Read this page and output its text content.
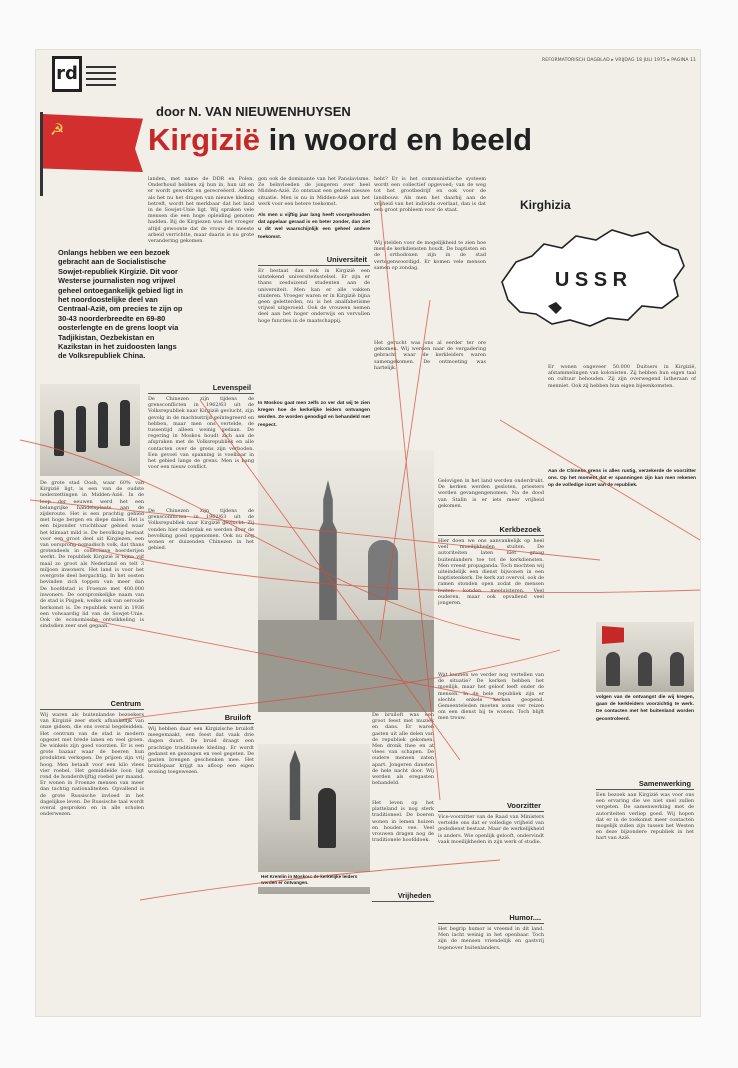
rd
REFORMATORISCH DAGBLAD ▸ VRIJDAG 18 JULI 1975 ▸ PAGINA 11
☭
door N. VAN NIEUWENHUYSEN
Kirgizië in woord en beeld
Onlangs hebben we een bezoek gebracht aan de Socialistische Sowjet-republiek Kirgizië. Dit voor Westerse journalisten nog vrijwel geheel ontoegankelijk gebied ligt in het noordoostelijke deel van Centraal-Azië, om precies te zijn op 30-43 noorderbreedte en 69-80 oosterlengte en de grens loopt via Tadjikistan, Oezbekistan en Kazikstan in het zuidoosten langs de Volksrepubliek China.
De grote stad Oosh, waar 60% van Kirgizië ligt, is een van de oudste nederzettingen in Midden-Azië. In de loop der eeuwen werd het een belangrijke handelsplaats aan de zijderoute. Het is een prachtig gebied met hoge bergen en diepe dalen. Het is een bijzonder vruchtbaar gebied waar het klimaat mild is. De bevolking bestaat voor een groot deel uit Kirgiezen, een van oorsprong nomadisch volk, dat thans grotendeels in collectieve boerderijen werkt. De republiek Kirgizië is bijna vijf maal zo groot als Nederland en telt 3 miljoen inwoners. Het land is voor het overgrote deel bergachtig. In het oosten bevinden zich toppen van meer dan
De hoofdstad is Froenze met 400.000 inwoners. De oorspronkelijke naam van de stad is Pisjpek, welke ook van oeroude herkomst is. De republiek werd in 1936 een volwaardig lid van de Sowjet-Unie. Ook de economische ontwikkeling is sindsdien zeer snel gegaan.
Centrum
Wij waren als buitenlandse bezoekers van Kirgizië zeer sterk afhankelijk van onze gidsen, die ons overal begeleidden. Het centrum van de stad is modern opgezet met brede lanen en veel groen. De winkels zijn goed voorzien. Er is een grote bazaar waar de boeren hun produkten verkopen. De prijzen zijn vrij hoog. Men betaalt voor een kilo vlees vier roebel. Het gemiddelde loon ligt rond de honderdvijftig roebel per maand. Er wonen in Froenze mensen van meer dan tachtig nationaliteiten. Opvallend is de grote Russische invloed in het dagelijkse leven. De Russische taal wordt overal gesproken en in alle scholen onderwezen.
landen, met name de DDR en Polen. Onderhoud hebben zij hun in, hun uit en er wordt gewerkt en gerecreëerd. Alleen als het nu het dragen van nieuwe kleding betreft, wordt het merkbaar dat het land in de Sowjet-Unie ligt. Wij spraken vele mensen die een hoge opleiding genoten hadden. Bij de Kirgiezen was het vroeger altijd gewoonte dat de vrouw de meeste arbeid verrichtte, maar daarin is nu grote verandering gekomen.
Levenspeil
De Chinezen zijn tijdens de grensconflicten in 1962/63 uit de Volksrepubliek naar Kirgizië gevlucht, zijn gevolg in de machtsstrijd geïntegreerd en hebben, maar men ons vertelde, de tussentijd alleen weinig gedaan. De regering in Moskou houdt zich aan de afspraken met de Volksrepubliek en alle contacten over de grens zijn verboden. Een gevoel van spanning is voelbaar in het gebied langs de grens. Men is bang voor een nieuw conflict.
De Chinezen zijn tijdens de grensconflicten in 1962/63 uit de Volksrepubliek naar Kirgizië gevlucht. Zij vonden hier onderdak en werden door de bevolking goed opgenomen. Ook nu nog wonen er duizenden Chinezen in het gebied.
Bruiloft
Wij hebben daar een Kirgizische bruiloft meegemaakt, een feest dat vaak drie dagen duurt. De bruid draagt een prachtige traditionele kleding. Er wordt gedanst en gezongen en veel gegeten. De gasten brengen geschenken mee. Het bruidspaar krijgt na afloop een eigen woning toegewezen.
gen ook de dominante van het Panslavisme. Ze beïnvloeden de jongeren over heel Midden-Azië. Zo ontstaat een geheel nieuwe situatie. Men is nu in Midden-Azië aan het werk voor een betere toekomst.
Als men u vijftig jaar lang heeft voorgehouden dat appelaar geraad is en beter zonder, dan ziet u dit wel waarschijnlijk een geheel andere toekomst.
Universiteit
Er bestaat dan ook in Kirgizië een uitstekend universiteitsstelsel. Er zijn er thans zesduizend studenten aan de universiteit. Men kan er alle vakken studeren. Vroeger waren er in Kirgizië bijna geen geletterden, nu is het analfabetisme vrijwel uitgeroeid. Ook de vrouwen nemen deel aan het hoger onderwijs en vervullen hoge functies in de maatschappij.
In Moskou gaat men zelfs zo ver dat wij te zien kregen hoe de kerkelijke leiders ontvangen worden. Ze worden genodigd en behandeld met respect.
Het Kremlin in Moskou: de kerkelijke leiders werden er ontvangen.
De bruiloft was een groot feest met muziek en dans. Er waren gasten uit alle delen van de republiek gekomen. Men dronk thee en at vlees van schapen. De oudere mensen zaten apart. Jongeren dansten de hele nacht door. Wij werden als eregasten behandeld.
Het leven op het platteland is nog sterk traditioneel. De boeren wonen in lemen huizen en houden vee. Veel vrouwen dragen nog de traditionele hoofddoek.
Vrijheden
hebt? Er is het communistische systeem wordt een collectief opgevoed; van de weg tot het grootbedrijf en ook voor de landbouw. Als men het daarbij aan de vrijheid van het individu overlaat, dan is dat een groot probleem voor de staat.
Wij stelden voor de mogelijkheid te zien hoe men de kerkdiensten houdt. De baptisten en de orthodoxen zijn in de stad vertegenwoordigd. Er komen vele mensen samen op zondag.
Het gerucht was ons al eerder ter ore gekomen. Wij werden naar de vergadering gebracht waar de kerkleiders waren samengekomen. De ontmoeting was hartelijk.
Gelovigen in het land werden onderdrukt. De kerken werden gesloten, priesters werden gevangengenomen. Na de dood van Stalin is er iets meer vrijheid gekomen.
Kerkbezoek
Hier doen we ons aanvankelijk op heel veel moeilijkheden stuiten. De autoriteiten laten niet graag buitenlanders toe tot de kerkdiensten. Men vreest propaganda. Toch mochten wij uiteindelijk een dienst bijwonen in een baptistenkerk. De kerk zat overvol, ook de ramen stonden open zodat de mensen buiten konden meeluisteren. Veel ouderen, maar ook opvallend veel jongeren.
Wat kunnen we verder nog vertellen van de situatie? De kerken hebben het moeilijk, maar het geloof leeft onder de mensen. In de hele republiek zijn er slechts enkele kerken geopend. Gemeenteleden moeten soms ver reizen om een dienst bij te wonen. Toch blijft men trouw.
Voorzitter
Vice-voorzitter van de Raad van Ministers vertelde ons dat er volledige vrijheid van godsdienst bestaat. Maar de werkelijkheid is anders. Wie openlijk gelooft, ondervindt vaak moeilijkheden in zijn werk of studie.
Humor....
Het begrip humor is vreemd in dit land. Men lacht weinig in het openbaar. Toch zijn de mensen vriendelijk en gastvrij tegenover buitenlanders.
Kirghizia
U S S R
Er wonen ongeveer 50.000 Duitsers in Kirgizië, afstammelingen van kolonisten. Zij hebben hun eigen taal en cultuur behouden. Zij zijn overwegend lutheraan of menniet. Ook zij hebben hun eigen bijeenkomsten.
Aan de Chinese grens is alles rustig, verzekerde de voorzitter ons. Op het moment dat er spanningen zijn kan men rekenen op de volledige inzet van de republiek.
volgen van de ontvangst die wij kregen, gaan de kerkleiders voorzichtig te werk. De contacten met het buitenland worden gecontroleerd.
Samenwerking
Een bezoek aan Kirgizië was voor ons een ervaring die we niet snel zullen vergeten. De samenwerking met de autoriteiten verliep goed. Wij hopen dat er in de toekomst meer contacten mogelijk zullen zijn tussen het Westen en deze bijzondere republiek in het hart van Azië.
